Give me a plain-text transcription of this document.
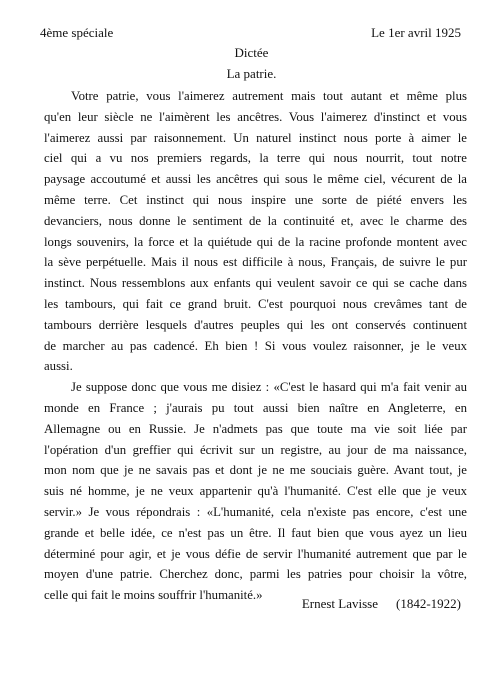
4ème spéciale	Le 1er avril 1925
Dictée
La patrie.
Votre patrie, vous l'aimerez autrement mais tout autant et même plus
qu'en leur siècle ne l'aimèrent les ancêtres. Vous l'aimerez d'instinct et vous
l'aimerez aussi par raisonnement. Un naturel instinct nous porte à aimer le
ciel qui a vu nos premiers regards, la terre qui nous nourrit, tout notre
paysage accoutumé et aussi les ancêtres qui sous le même ciel, vécurent de la
même terre. Cet instinct qui nous inspire une sorte de piété envers les
devanciers, nous donne le sentiment de la continuité et, avec le charme des
longs souvenirs, la force et la quiétude qui de la racine profonde montent avec
la sève perpétuelle. Mais il nous est difficile à nous, Français, de suivre le pur
instinct. Nous ressemblons aux enfants qui veulent savoir ce qui se cache dans
les tambours, qui fait ce grand bruit. C'est pourquoi nous crevâmes tant de
tambours derrière lesquels d'autres peuples qui les ont conservés continuent
de marcher au pas cadencé. Eh bien ! Si vous voulez raisonner, je le veux
aussi.
Je suppose donc que vous me disiez : «C'est le hasard qui m'a fait venir au
monde en France ; j'aurais pu tout aussi bien naître en Angleterre, en
Allemagne ou en Russie. Je n'admets pas que toute ma vie soit liée par
l'opération d'un greffier qui écrivit sur un registre, au jour de ma naissance,
mon nom que je ne savais pas et dont je ne me souciais guère. Avant tout, je
suis né homme, je ne veux appartenir qu'à l'humanité. C'est elle que je veux
servir.» Je vous répondrais : «L'humanité, cela n'existe pas encore, c'est une
grande et belle idée, ce n'est pas un être. Il faut bien que vous ayez un lieu
déterminé pour agir, et je vous défie de servir l'humanité autrement que par le
moyen d'une patrie. Cherchez donc, parmi les patries pour choisir la vôtre,
celle qui fait le moins souffrir l'humanité.»
Ernest Lavisse (1842-1922)
